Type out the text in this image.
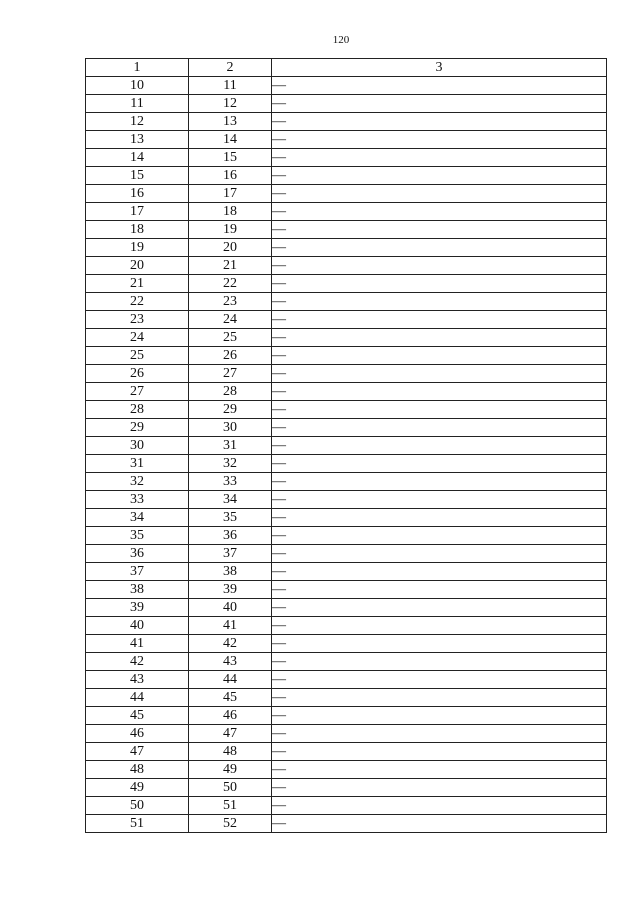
120
1	2	3
10	11	—
11	12	—
12	13	—
13	14	—
14	15	—
15	16	—
16	17	—
17	18	—
18	19	—
19	20	—
20	21	—
21	22	—
22	23	—
23	24	—
24	25	—
25	26	—
26	27	—
27	28	—
28	29	—
29	30	—
30	31	—
31	32	—
32	33	—
33	34	—
34	35	—
35	36	—
36	37	—
37	38	—
38	39	—
39	40	—
40	41	—
41	42	—
42	43	—
43	44	—
44	45	—
45	46	—
46	47	—
47	48	—
48	49	—
49	50	—
50	51	—
51	52	—
